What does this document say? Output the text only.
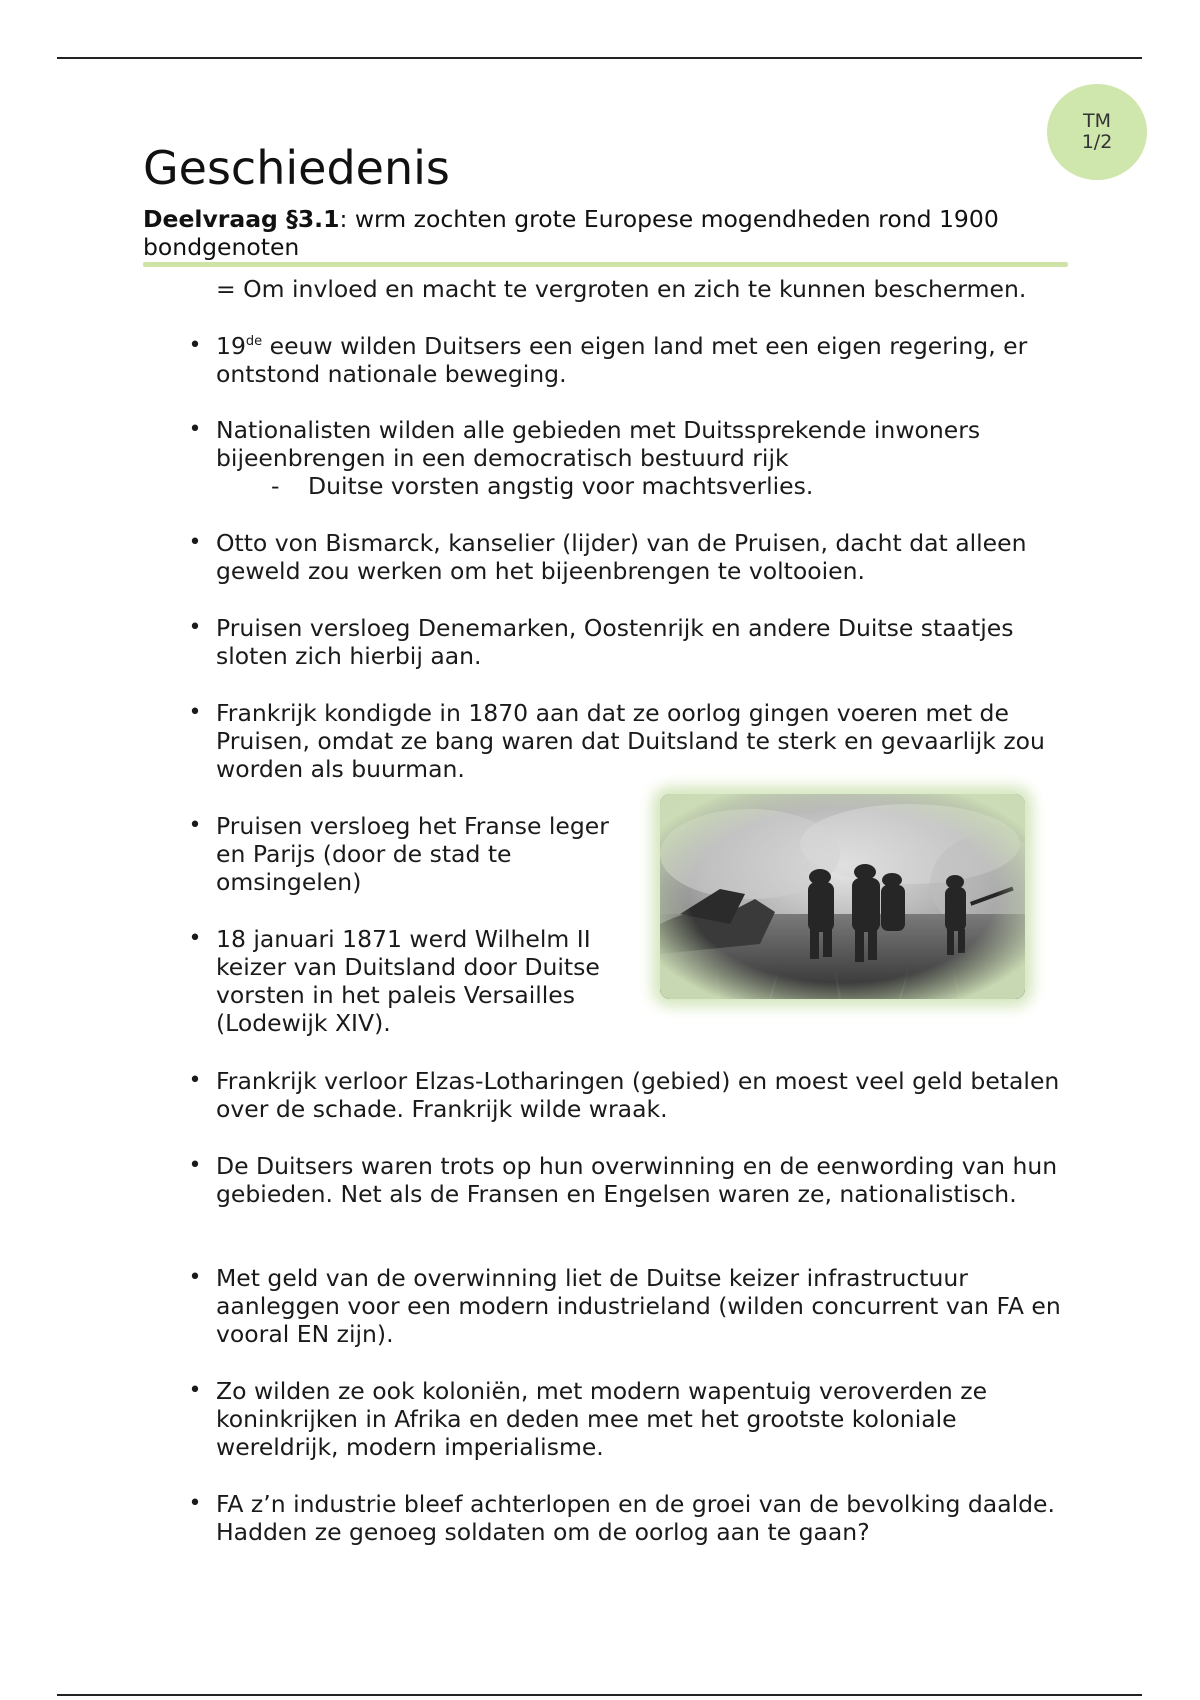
TM
1/2
Geschiedenis
Deelvraag §3.1: wrm zochten grote Europese mogendheden rond 1900 bondgenoten
= Om invloed en macht te vergroten en zich te kunnen beschermen.
• 19de eeuw wilden Duitsers een eigen land met een eigen regering, er ontstond nationale beweging.
• Nationalisten wilden alle gebieden met Duitssprekende inwoners bijeenbrengen in een democratisch bestuurd rijk
- Duitse vorsten angstig voor machtsverlies.
• Otto von Bismarck, kanselier (lijder) van de Pruisen, dacht dat alleen geweld zou werken om het bijeenbrengen te voltooien.
• Pruisen versloeg Denemarken, Oostenrijk en andere Duitse staatjes sloten zich hierbij aan.
• Frankrijk kondigde in 1870 aan dat ze oorlog gingen voeren met de Pruisen, omdat ze bang waren dat Duitsland te sterk en gevaarlijk zou worden als buurman.
• Pruisen versloeg het Franse leger en Parijs (door de stad te omsingelen)
• 18 januari 1871 werd Wilhelm II keizer van Duitsland door Duitse vorsten in het paleis Versailles (Lodewijk XIV).
• Frankrijk verloor Elzas-Lotharingen (gebied) en moest veel geld betalen over de schade. Frankrijk wilde wraak.
• De Duitsers waren trots op hun overwinning en de eenwording van hun gebieden. Net als de Fransen en Engelsen waren ze, nationalistisch.
• Met geld van de overwinning liet de Duitse keizer infrastructuur aanleggen voor een modern industrieland (wilden concurrent van FA en vooral EN zijn).
• Zo wilden ze ook koloniën, met modern wapentuig veroverden ze koninkrijken in Afrika en deden mee met het grootste koloniale wereldrijk, modern imperialisme.
• FA z’n industrie bleef achterlopen en de groei van de bevolking daalde. Hadden ze genoeg soldaten om de oorlog aan te gaan?
